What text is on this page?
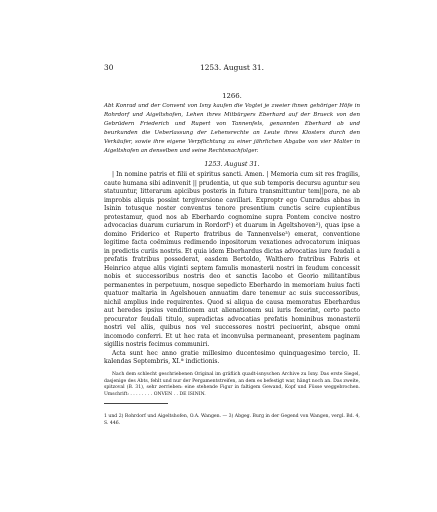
30	1253. August 31.
1266.
Abt Konrad und der Convent von Isny kaufen die Vogtei je zweier ihnen gehöriger Höfe in Rohrdorf und Aigeltshofen, Lehen ihres Mitbürgers Eberhard auf der Brueck von den Gebrüdern Friederich und Rupert von Tannenfels, genannten Eberhard ab und beurkunden die Ueberlassung der Lehensrechte an Leute ihres Klosters durch den Verkäufer, sowie ihre eigene Verpflichtung zu einer jährlichen Abgabe von vier Malter in Aigeltshofen an denselben und seine Rechtsnachfolger.
1253. August 31.

| In nomine patris et filii et spiritus sancti. Amen. | Memoria cum sit res fragilis, caute humana sibi adinvenit || prudentia, ut que sub temporis decursu aguntur seu statuuntur, litterarum apicibus posteris in futura transmittuntur tem||pora, ne ab improbis aliquis possint tergiversione cavillari. Exproptr ego Cunradus abbas in Isinin totusque noster conventus tenore presentium cunctis scire cupientibus protestamur, quod nos ab Eberhardo cognomine supra Pontem concive nostro advocacias duarum curiarum in Rordorf¹) et duarum in Ageltshoven²), quas ipse a domino Friderico et Ruperto fratribus de Tannenvelse³) emerat, conventione legitime facta coëmimus redimendo inpositorum vexationes advocatorum iniquas in predictis curiis nostris. Et quia idem Eberhardus dictas advocatias iure feudali a prefatis fratribus possederat, easdem Bertoldo, Walthero fratribus Fabris et Heinrico atque alüs viginti septem famulis monasterii nostri in feudum concessit nobis et successoribus nostris deo et sanctis Iacobo et Georio militantibus permanentes in perpetuum, nosque sepedicto Eberhardo in memoriam huius facti quatuor maltaria in Agelshouen annuatim dare tenemur ac suis successoribus, nichil amplius inde requirentes. Quod si aliqua de causa memoratus Eberhardus aut heredes ipsius venditionem aut alienationem sui iuris fecerint, certo pacto procurator feudali titulo, supradictas advocatias prefatis hominibus monasterii nostri vel aliis, quibus nos vel successores nostri peciuerint, absque omni incomodo conferri. Et ut hec rata et inconvulsa permaneant, presentem paginam sigillis nostris fecimus communiri.

Acta sunt hec anno gratie millesimo ducentesimo quinquagesimo tercio, II. kalendas Septembris, XI.ª indictionis.

Nach dem schlecht geschriebenen Original im gräflich quadt-isnyschen Archive zu Isny. Das erste Siegel, dasjenige des Abts, fehlt und nur der Pergamentstreifen, an dem es befestigt war, hängt noch an. Das zweite, spitzoval (B. 31), sehr zerrieben: eine stehende Figur in faltigem Gewand, Kopf und Füsse weggebrochen. Umschrift: . . . . . . . . ONVEN . . DE ISININ.

1 und 2) Rohrdorf und Aigeltshofen, O.A. Wangen. — 3) Abgeg. Burg in der Gegend von Wangen, vergl. Bd. 4, S. 446.
